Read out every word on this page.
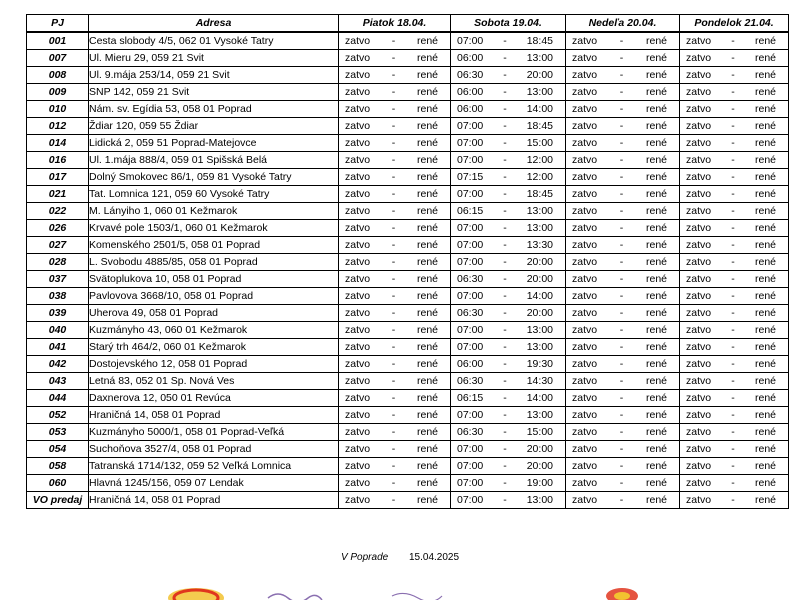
PJ	Adresa	Piatok 18.04.	Sobota 19.04.	Nedeľa 20.04.	Pondelok 21.04.
001	Cesta slobody 4/5, 062 01 Vysoké Tatry	zatvo - rené	07:00 - 18:45	zatvo - rené	zatvo - rené

007	Ul. Mieru 29, 059 21 Svit	zatvo - rené	06:00 - 13:00	zatvo - rené	zatvo - rené

008	Ul. 9.mája 253/14, 059 21 Svit	zatvo - rené	06:30 - 20:00	zatvo - rené	zatvo - rené

009	SNP 142, 059 21 Svit	zatvo - rené	06:00 - 13:00	zatvo - rené	zatvo - rené

010	Nám. sv. Egídia 53, 058 01 Poprad	zatvo - rené	06:00 - 14:00	zatvo - rené	zatvo - rené

012	Ždiar 120, 059 55 Ždiar	zatvo - rené	07:00 - 18:45	zatvo - rené	zatvo - rené

014	Lidická 2, 059 51 Poprad-Matejovce	zatvo - rené	07:00 - 15:00	zatvo - rené	zatvo - rené

016	Ul. 1.mája 888/4, 059 01 Spišská Belá	zatvo - rené	07:00 - 12:00	zatvo - rené	zatvo - rené

017	Dolný Smokovec 86/1, 059 81 Vysoké Tatry	zatvo - rené	07:15 - 12:00	zatvo - rené	zatvo - rené

021	Tat. Lomnica 121, 059 60 Vysoké Tatry	zatvo - rené	07:00 - 18:45	zatvo - rené	zatvo - rené

022	M. Lányiho 1, 060 01 Kežmarok	zatvo - rené	06:15 - 13:00	zatvo - rené	zatvo - rené

026	Krvavé pole 1503/1, 060 01 Kežmarok	zatvo - rené	07:00 - 13:00	zatvo - rené	zatvo - rené

027	Komenského 2501/5, 058 01 Poprad	zatvo - rené	07:00 - 13:30	zatvo - rené	zatvo - rené

028	L. Svobodu 4885/85, 058 01 Poprad	zatvo - rené	07:00 - 20:00	zatvo - rené	zatvo - rené

037	Svätoplukova 10, 058 01 Poprad	zatvo - rené	06:30 - 20:00	zatvo - rené	zatvo - rené

038	Pavlovova 3668/10, 058 01 Poprad	zatvo - rené	07:00 - 14:00	zatvo - rené	zatvo - rené

039	Uherova 49, 058 01 Poprad	zatvo - rené	06:30 - 20:00	zatvo - rené	zatvo - rené

040	Kuzmányho 43, 060 01 Kežmarok	zatvo - rené	07:00 - 13:00	zatvo - rené	zatvo - rené

041	Starý trh 464/2, 060 01 Kežmarok	zatvo - rené	07:00 - 13:00	zatvo - rené	zatvo - rené

042	Dostojevského 12, 058 01 Poprad	zatvo - rené	06:00 - 19:30	zatvo - rené	zatvo - rené

043	Letná 83, 052 01 Sp. Nová Ves	zatvo - rené	06:30 - 14:30	zatvo - rené	zatvo - rené

044	Daxnerova 12, 050 01 Revúca	zatvo - rené	06:15 - 14:00	zatvo - rené	zatvo - rené

052	Hraničná 14, 058 01 Poprad	zatvo - rené	07:00 - 13:00	zatvo - rené	zatvo - rené

053	Kuzmányho 5000/1, 058 01 Poprad-Veľká	zatvo - rené	06:30 - 15:00	zatvo - rené	zatvo - rené

054	Suchoňova 3527/4, 058 01 Poprad	zatvo - rené	07:00 - 20:00	zatvo - rené	zatvo - rené

058	Tatranská 1714/132, 059 52 Veľká Lomnica	zatvo - rené	07:00 - 20:00	zatvo - rené	zatvo - rené

060	Hlavná 1245/156, 059 07 Lendak	zatvo - rené	07:00 - 19:00	zatvo - rené	zatvo - rené

VO predaj	Hraničná 14, 058 01 Poprad	zatvo - rené	07:00 - 13:00	zatvo - rené	zatvo - rené
V Poprade 15.04.2025
